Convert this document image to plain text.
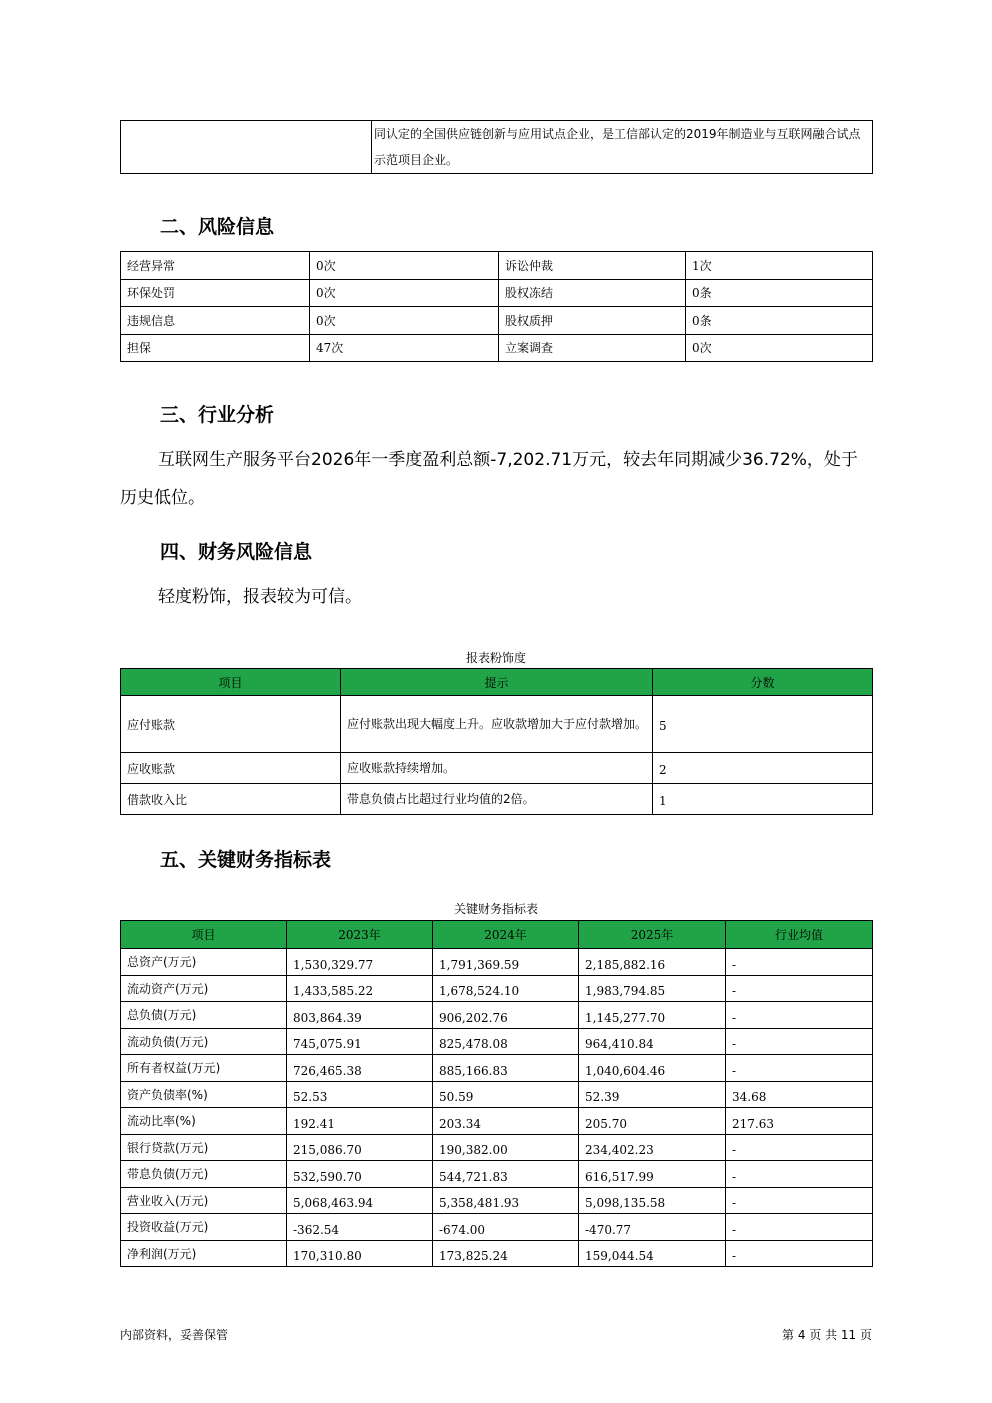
	同认定的全国供应链创新与应用试点企业，是工信部认定的2019年制造业与互联网融合试点示范项目企业。
二、风险信息
经营异常	0次	诉讼仲裁	1次
环保处罚	0次	股权冻结	0条
违规信息	0次	股权质押	0条
担保	47次	立案调查	0次
三、行业分析

互联网生产服务平台2026年一季度盈利总额-7,202.71万元，较去年同期减少36.72%，处于历史低位。

四、财务风险信息

轻度粉饰，报表较为可信。

报表粉饰度

项目	提示	分数
应付账款	应付账款出现大幅度上升。应收款增加大于应付款增加。	5
应收账款	应收账款持续增加。	2
借款收入比	带息负债占比超过行业均值的2倍。	1
五、关键财务指标表

关键财务指标表

项目	2023年	2024年	2025年	行业均值
总资产(万元)	1,530,329.77	1,791,369.59	2,185,882.16	-
流动资产(万元)	1,433,585.22	1,678,524.10	1,983,794.85	-
总负债(万元)	803,864.39	906,202.76	1,145,277.70	-
流动负债(万元)	745,075.91	825,478.08	964,410.84	-
所有者权益(万元)	726,465.38	885,166.83	1,040,604.46	-
资产负债率(%)	52.53	50.59	52.39	34.68
流动比率(%)	192.41	203.34	205.70	217.63
银行贷款(万元)	215,086.70	190,382.00	234,402.23	-
带息负债(万元)	532,590.70	544,721.83	616,517.99	-
营业收入(万元)	5,068,463.94	5,358,481.93	5,098,135.58	-
投资收益(万元)	-362.54	-674.00	-470.77	-
净利润(万元)	170,310.80	173,825.24	159,044.54	-

内部资料，妥善保管	第 4 页 共 11 页
